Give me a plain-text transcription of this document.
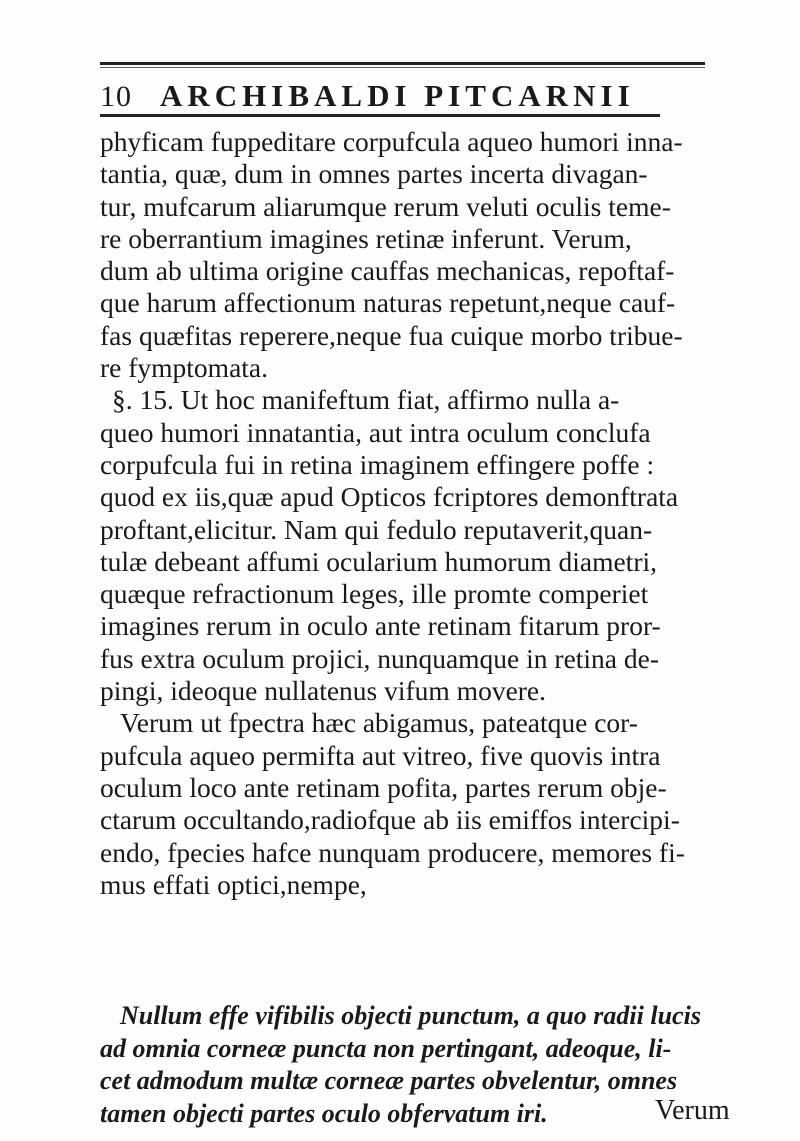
10 ARCHIBALDI PITCARNII
phyficam fuppeditare corpufcula aqueo humori inna-
tantia, quæ, dum in omnes partes incerta divagan-
tur, mufcarum aliarumque rerum veluti oculis teme-
re oberrantium imagines retinæ inferunt. Verum,
dum ab ultima origine cauffas mechanicas, repoftaf-
que harum affectionum naturas repetunt,neque cauf-
fas quæfitas reperere,neque fua cuique morbo tribue-
re fymptomata.
§. 15. Ut hoc manifeftum fiat, affirmo nulla a-
queo humori innatantia, aut intra oculum conclufa
corpufcula fui in retina imaginem effingere poffe :
quod ex iis,quæ apud Opticos fcriptores demonftrata
proftant,elicitur. Nam qui fedulo reputaverit,quan-
tulæ debeant affumi ocularium humorum diametri,
quæque refractionum leges, ille promte comperiet
imagines rerum in oculo ante retinam fitarum pror-
fus extra oculum projici, nunquamque in retina de-
pingi, ideoque nullatenus vifum movere.
Verum ut fpectra hæc abigamus, pateatque cor-
pufcula aqueo permifta aut vitreo, five quovis intra
oculum loco ante retinam pofita, partes rerum obje-
ctarum occultando,radiofque ab iis emiffos intercipi-
endo, fpecies hafce nunquam producere, memores fi-
mus effati optici,nempe,
Nullum effe vifibilis objecti punctum, a quo radii lucis
ad omnia corneæ puncta non pertingant, adeoque, li-
cet admodum multæ corneæ partes obvelentur, omnes
tamen objecti partes oculo obfervatum iri.	Verum
